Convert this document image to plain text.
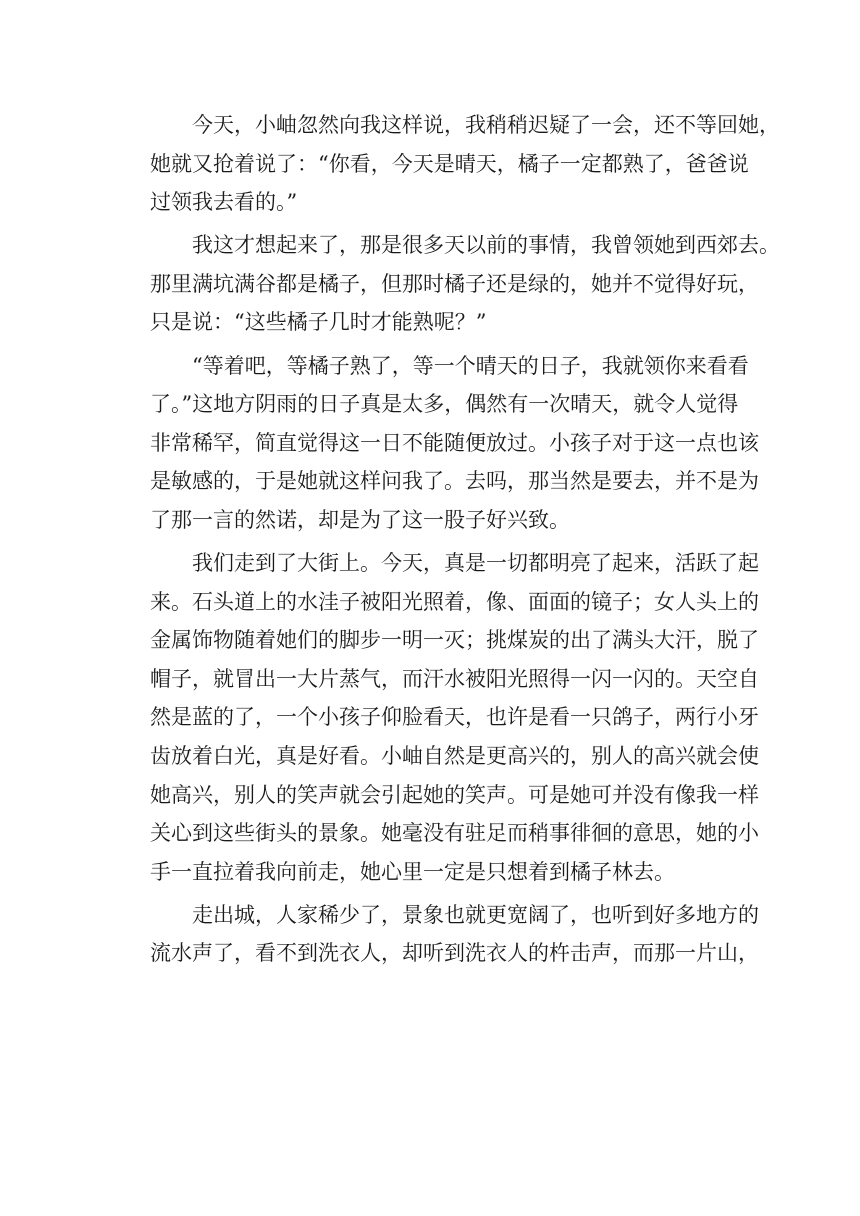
今天，小岫忽然向我这样说，我稍稍迟疑了一会，还不等回她，
她就又抢着说了：“你看，今天是晴天，橘子一定都熟了，爸爸说
过领我去看的。”
我这才想起来了，那是很多天以前的事情，我曾领她到西郊去。
那里满坑满谷都是橘子，但那时橘子还是绿的，她并不觉得好玩，
只是说：“这些橘子几时才能熟呢？”
“等着吧，等橘子熟了，等一个晴天的日子，我就领你来看看
了。”这地方阴雨的日子真是太多，偶然有一次晴天，就令人觉得
非常稀罕，简直觉得这一日不能随便放过。小孩子对于这一点也该
是敏感的，于是她就这样问我了。去吗，那当然是要去，并不是为
了那一言的然诺，却是为了这一股子好兴致。
我们走到了大街上。今天，真是一切都明亮了起来，活跃了起
来。石头道上的水洼子被阳光照着，像、面面的镜子；女人头上的
金属饰物随着她们的脚步一明一灭；挑煤炭的出了满头大汗，脱了
帽子，就冒出一大片蒸气，而汗水被阳光照得一闪一闪的。天空自
然是蓝的了，一个小孩子仰脸看天，也许是看一只鸽子，两行小牙
齿放着白光，真是好看。小岫自然是更高兴的，别人的高兴就会使
她高兴，别人的笑声就会引起她的笑声。可是她可并没有像我一样
关心到这些街头的景象。她毫没有驻足而稍事徘徊的意思，她的小
手一直拉着我向前走，她心里一定是只想着到橘子林去。
走出城，人家稀少了，景象也就更宽阔了，也听到好多地方的
流水声了，看不到洗衣人，却听到洗衣人的杵击声，而那一片山，
